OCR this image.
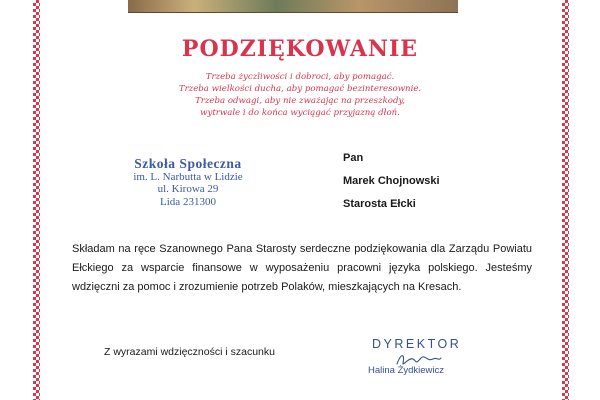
PODZIĘKOWANIE
Trzeba życzliwości i dobroci, aby pomagać.
Trzeba wielkości ducha, aby pomagać bezinteresownie.
Trzeba odwagi, aby nie zważając na przeszkody,
wytrwale i do końca wyciągać przyjazną dłoń.
Szkoła Społeczna
im. L. Narbutta w Lidzie
ul. Kirowa 29
Lida 231300
Pan
Marek Chojnowski
Starosta Ełcki
Składam na ręce Szanownego Pana Starosty serdeczne podziękowania dla Zarządu Powiatu Ełckiego za wsparcie finansowe w wyposażeniu pracowni języka polskiego. Jesteśmy wdzięczni za pomoc i zrozumienie potrzeb Polaków, mieszkających na Kresach.
Z wyrazami wdzięczności i szacunku
DYREKTOR
Halina Żydkiewicz
